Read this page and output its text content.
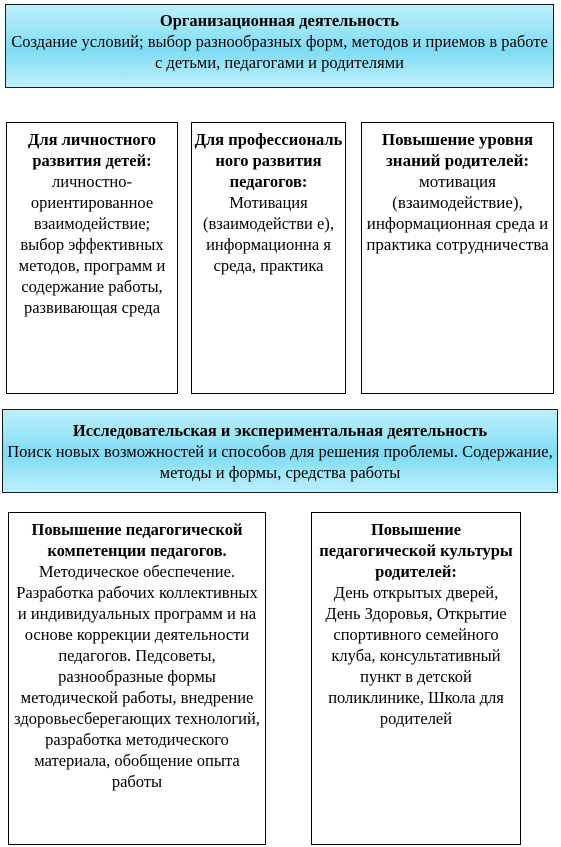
Организационная деятельность
Создание условий; выбор разнообразных форм, методов и приемов в работе с детьми, педагогами и родителями
Для личностного развития детей:
личностно-ориентированное взаимодействие; выбор эффективных методов, программ и содержание работы, развивающая среда
Для профессиональ ного развития педагогов:
Мотивация (взаимодействи е), информационна я среда, практика
Повышение уровня знаний родителей:
мотивация (взаимодействие), информационная среда и практика сотрудничества
Исследовательская и экспериментальная деятельность
Поиск новых возможностей и способов для решения проблемы. Содержание, методы и формы, средства работы
Повышение педагогической компетенции педагогов.
Методическое обеспечение. Разработка рабочих коллективных и индивидуальных программ и на основе коррекции деятельности педагогов. Педсоветы, разнообразные формы методической работы, внедрение здоровьесберегающих технологий, разработка методического материала, обобщение опыта работы
Повышение педагогической культуры родителей:
День открытых дверей, День Здоровья, Открытие спортивного семейного клуба, консультативный пункт в детской поликлинике, Школа для родителей
